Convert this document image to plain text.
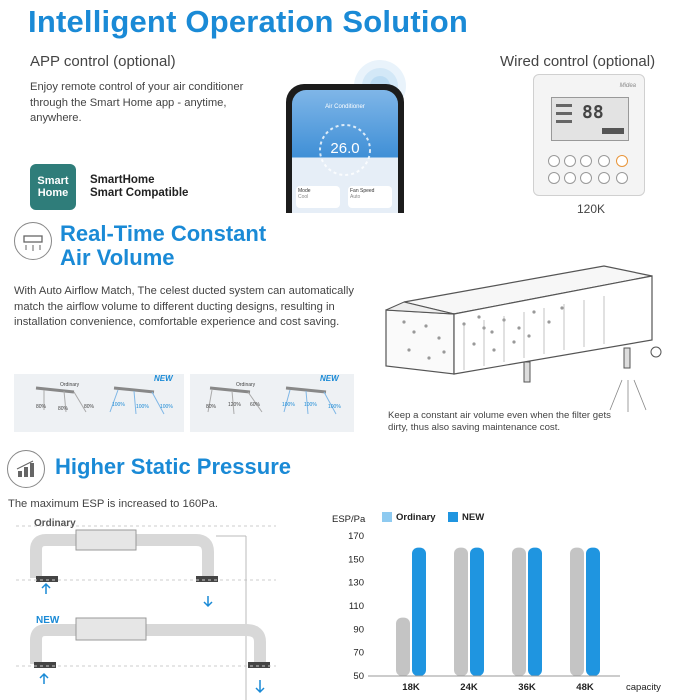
Intelligent Operation Solution
APP control (optional)
Enjoy remote control of your air conditioner through the Smart Home app - anytime, anywhere.
Smart
Home
SmartHome
Smart Compatible
Air Conditioner
26.0
Mode
Cool
Fan Speed
Auto
Wired control (optional)
Midea
88
120K
Real-Time Constant
Air Volume
With Auto Airflow Match, The celest ducted system can automatically match the airflow volume to different ducting designs, resulting in installation convenience, comfortable experience and cost saving.
Ordinary
NEW
80% 80%	80%	100% 100% 100%
Ordinary
NEW
80% 120% 60%	100% 100% 100%
Keep a constant air volume even when the filter gets dirty, thus also saving maintenance cost.
Higher Static Pressure
The maximum ESP is increased to 160Pa.
Ordinary
NEW
ESP/Pa	Ordinary	NEW
170
150
130
110
90
70
50
18K	24K	36K	48K	capacity
